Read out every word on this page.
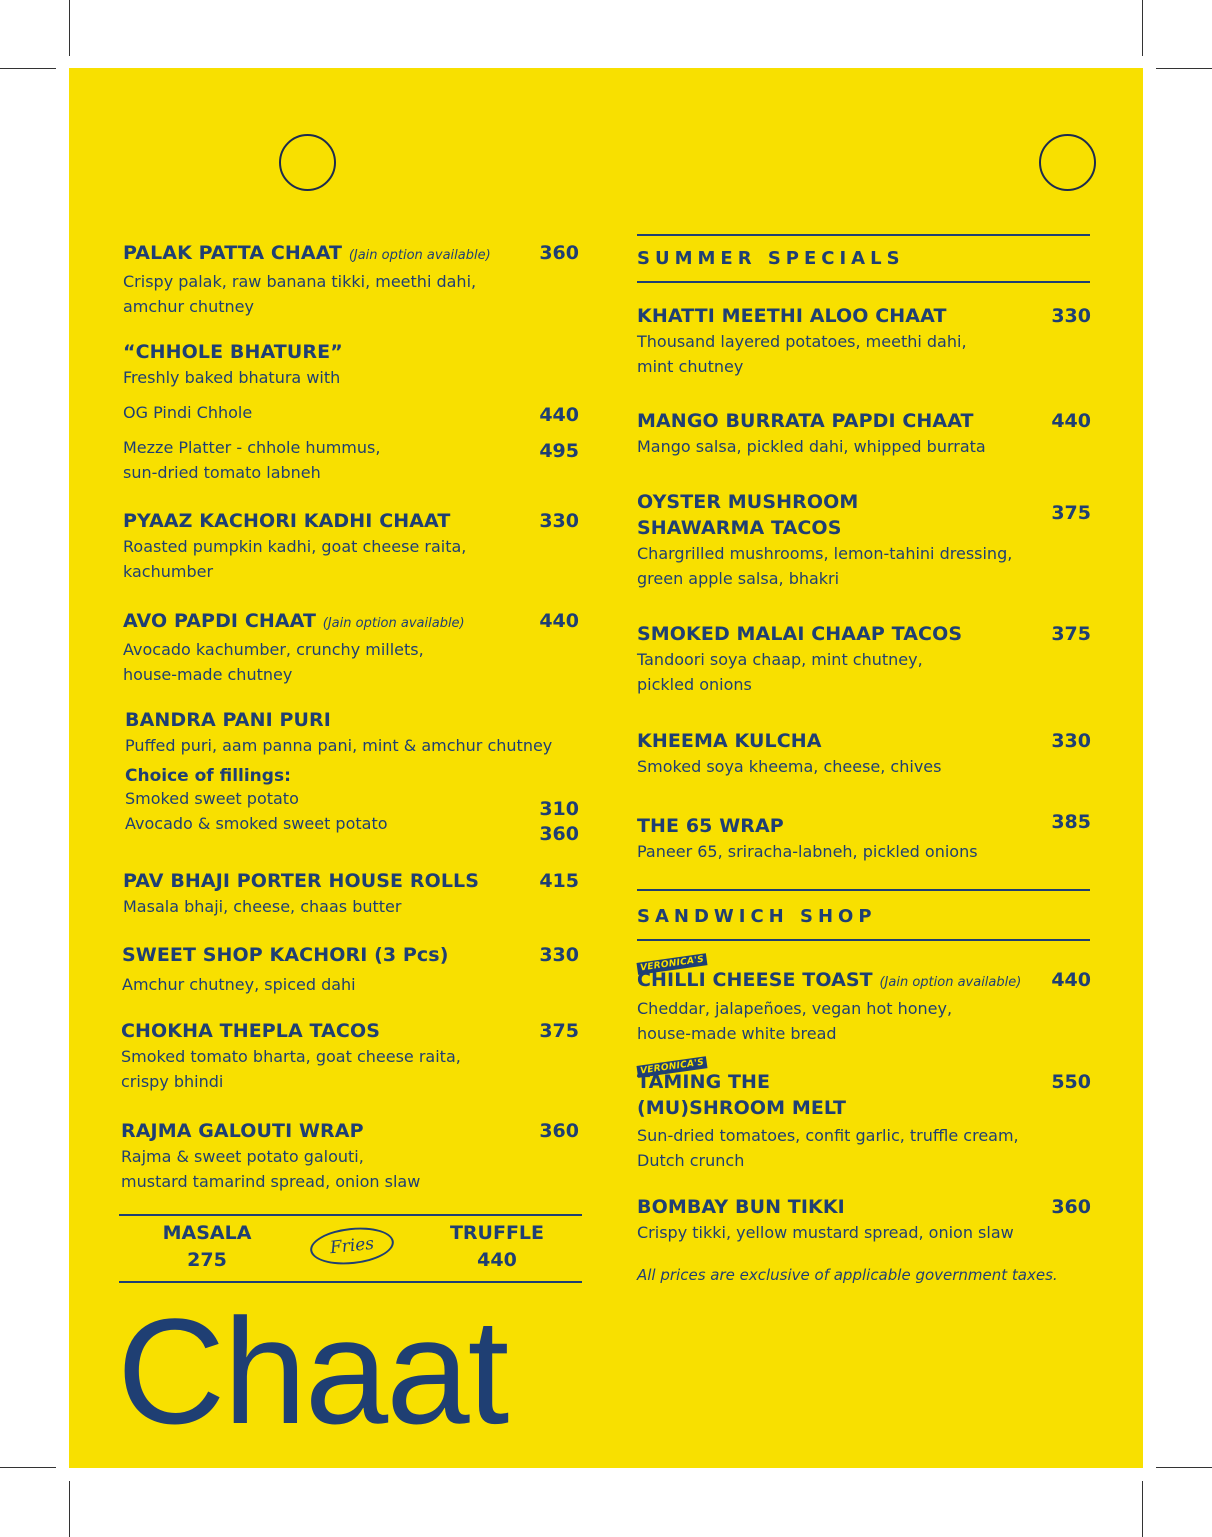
PALAK PATTA CHAAT (Jain option available)
Crispy palak, raw banana tikki, meethi dahi,
amchur chutney
360
“CHHOLE BHATURE”
Freshly baked bhatura with
OG Pindi Chhole
Mezze Platter - chhole hummus,
sun-dried tomato labneh
440
495
PYAAZ KACHORI KADHI CHAAT
Roasted pumpkin kadhi, goat cheese raita,
kachumber
330
AVO PAPDI CHAAT (Jain option available)
Avocado kachumber, crunchy millets,
house-made chutney
440
BANDRA PANI PURI
Puffed puri, aam panna pani, mint & amchur chutney
Choice of fillings:
Smoked sweet potato
Avocado & smoked sweet potato
310
360
PAV BHAJI PORTER HOUSE ROLLS
Masala bhaji, cheese, chaas butter
415
SWEET SHOP KACHORI (3 Pcs)
Amchur chutney, spiced dahi
330
CHOKHA THEPLA TACOS
Smoked tomato bharta, goat cheese raita,
crispy bhindi
375
RAJMA GALOUTI WRAP
Rajma & sweet potato galouti,
mustard tamarind spread, onion slaw
360
MASALA
275
Fries
TRUFFLE
440
Chaat
SUMMER SPECIALS
KHATTI MEETHI ALOO CHAAT
Thousand layered potatoes, meethi dahi,
mint chutney
330
MANGO BURRATA PAPDI CHAAT
Mango salsa, pickled dahi, whipped burrata
440
OYSTER MUSHROOM
SHAWARMA TACOS
Chargrilled mushrooms, lemon-tahini dressing,
green apple salsa, bhakri
375
SMOKED MALAI CHAAP TACOS
Tandoori soya chaap, mint chutney,
pickled onions
375
KHEEMA KULCHA
Smoked soya kheema, cheese, chives
330
THE 65 WRAP
Paneer 65, sriracha-labneh, pickled onions
385
SANDWICH SHOP
VERONICA'S
CHILLI CHEESE TOAST (Jain option available)
Cheddar, jalapeñoes, vegan hot honey,
house-made white bread
440
VERONICA'S
TAMING THE
(MU)SHROOM MELT
Sun-dried tomatoes, confit garlic, truffle cream,
Dutch crunch
550
BOMBAY BUN TIKKI
Crispy tikki, yellow mustard spread, onion slaw
360
All prices are exclusive of applicable government taxes.
